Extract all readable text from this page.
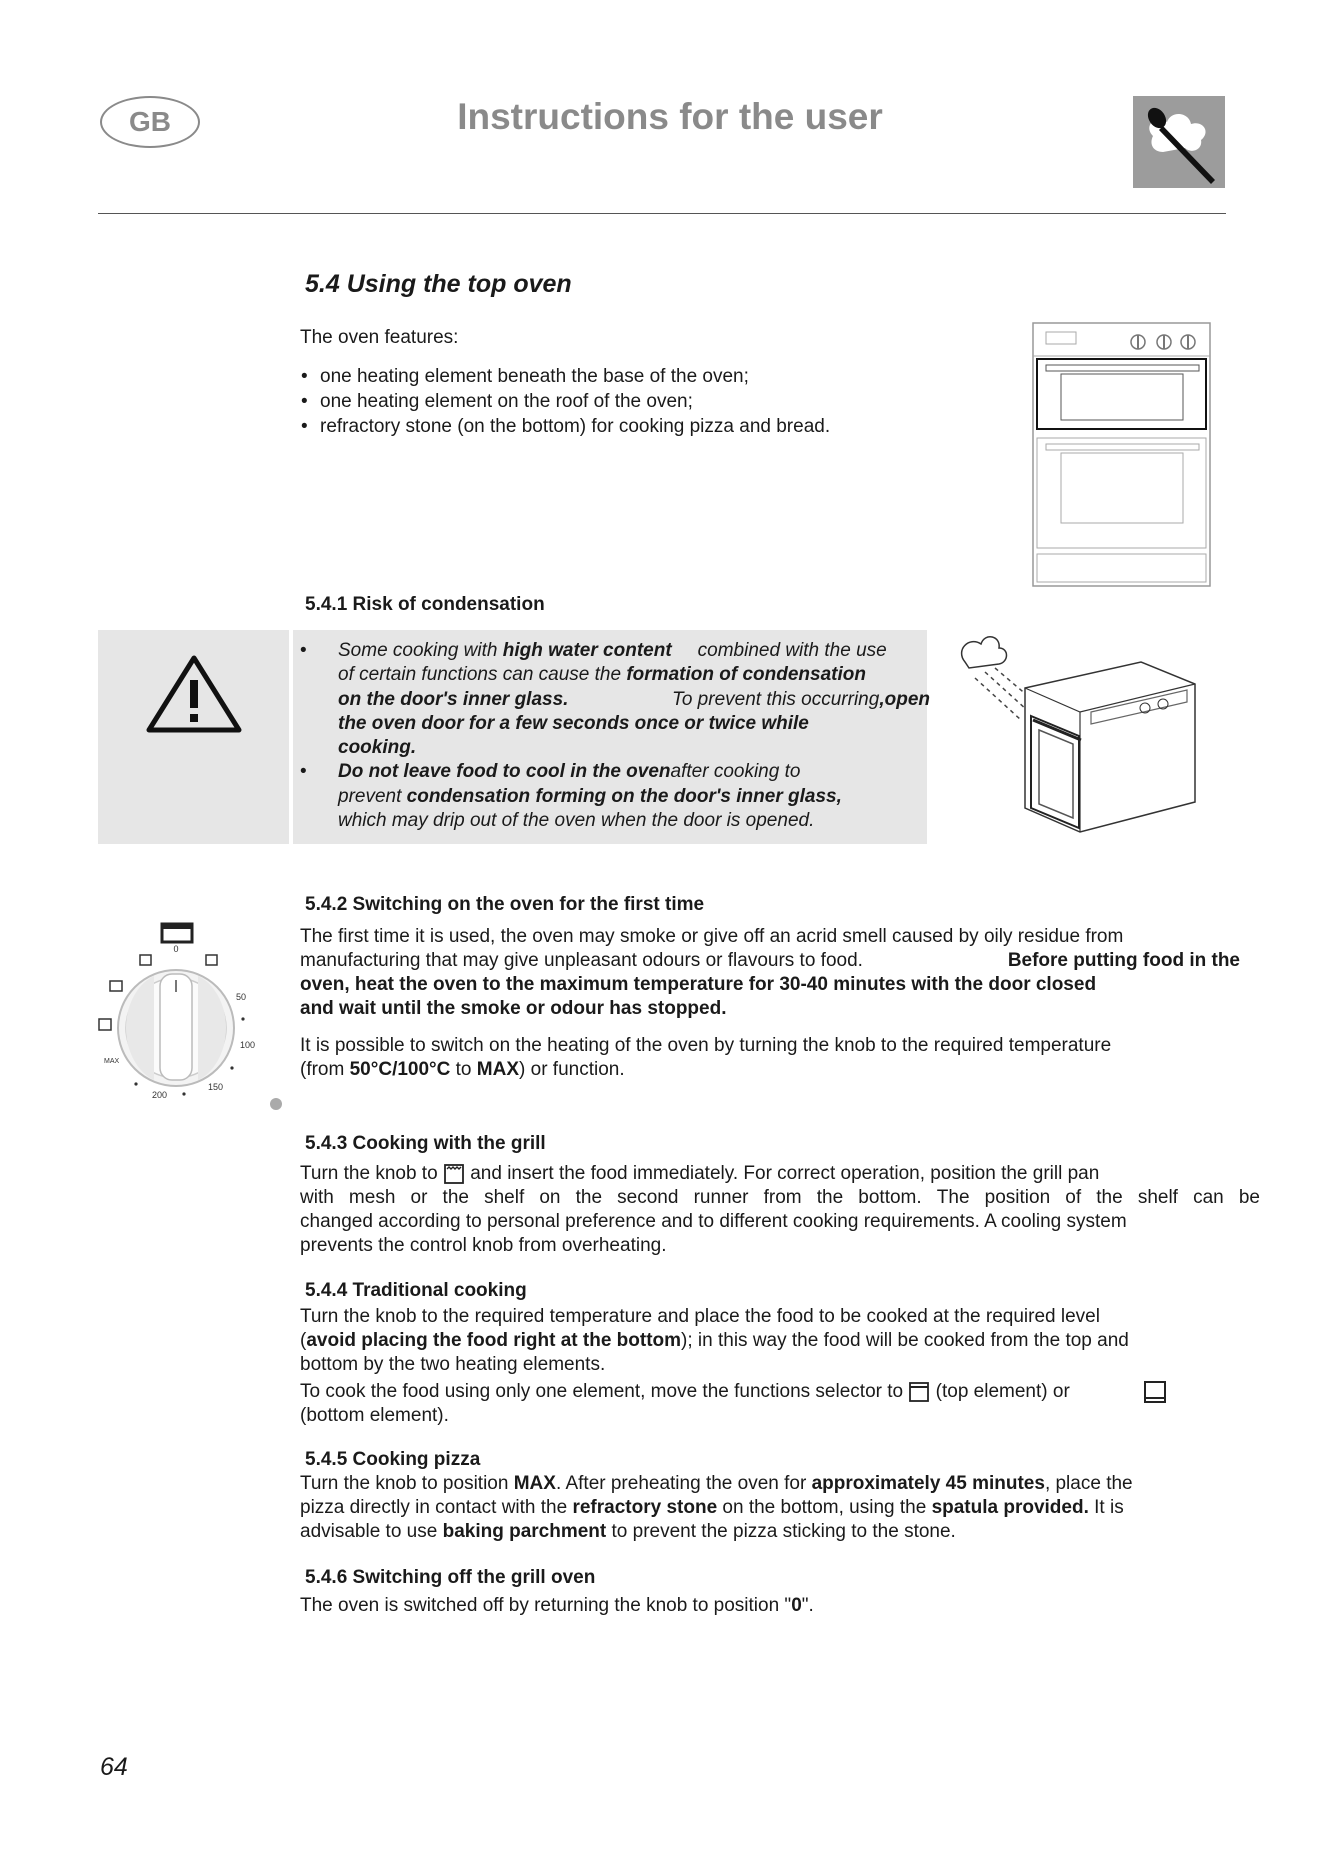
GB	Instructions for the user
5.4 Using the top oven
The oven features:
• one heating element beneath the base of the oven;
• one heating element on the roof of the oven;
• refractory stone (on the bottom) for cooking pizza and bread.
5.4.1 Risk of condensation

• Some cooking with high water content combined with the use

of certain functions can cause the formation of condensation

on the door's inner glass.	To prevent this occurring,open

the oven door for a few seconds once or twice while

cooking.

•	Do not leave food to cool in the oven after cooking to

prevent condensation forming on the door's inner glass,

which may drip out of the oven when the door is opened.

0
50
100
150
200
MAX
5.4.2 Switching on the oven for the first time
The first time it is used, the oven may smoke or give off an acrid smell caused by oily residue from
manufacturing that may give unpleasant odours or flavours to food.	Before putting food in the
oven, heat the oven to the maximum temperature for 30-40 minutes with the door closed
and wait until the smoke or odour has stopped.
It is possible to switch on the heating of the oven by turning the knob to the required temperature
(from 50°C/100°C to MAX) or function.
5.4.3 Cooking with the grill
Turn the knob to  and insert the food immediately. For correct operation, position the grill pan
with mesh or the shelf on the second runner from the bottom. The position of the shelf can be
changed according to personal preference and to different cooking requirements. A cooling system
prevents the control knob from overheating.
5.4.4 Traditional cooking
Turn the knob to the required temperature and place the food to be cooked at the required level
(avoid placing the food right at the bottom); in this way the food will be cooked from the top and
bottom by the two heating elements.
To cook the food using only one element, move the functions selector to  (top element) or
(bottom element).
5.4.5 Cooking pizza
Turn the knob to position MAX. After preheating the oven for approximately 45 minutes, place the
pizza directly in contact with the refractory stone on the bottom, using the spatula provided. It is
advisable to use baking parchment to prevent the pizza sticking to the stone.
5.4.6 Switching off the grill oven
The oven is switched off by returning the knob to position "0".
64
